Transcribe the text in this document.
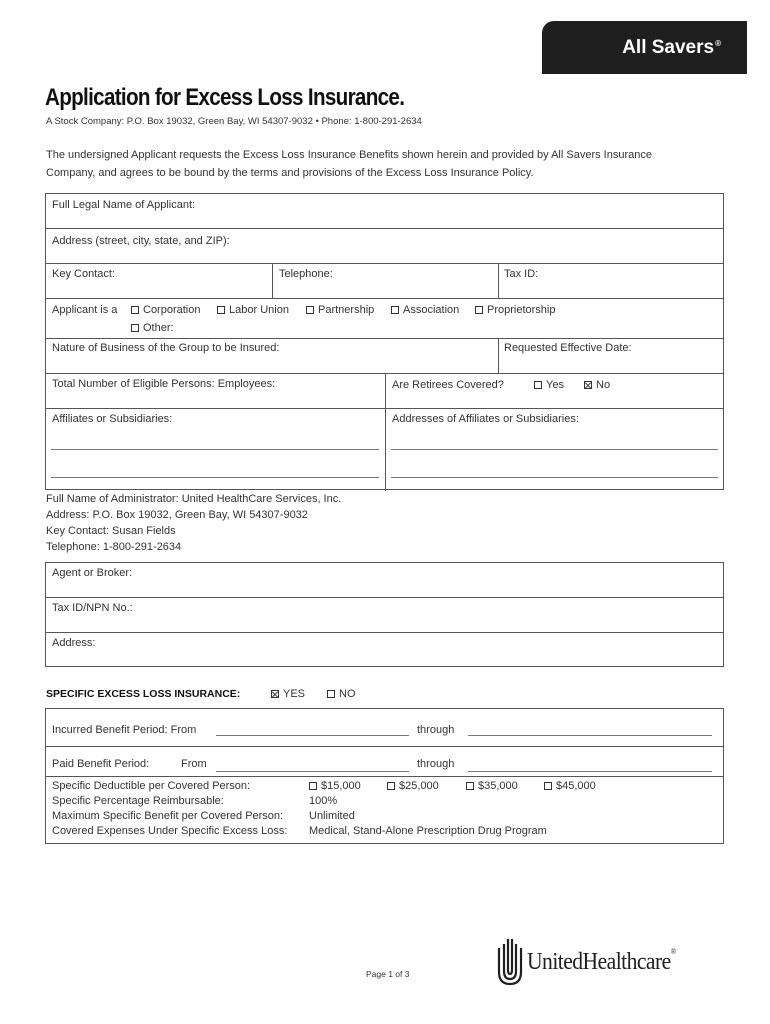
All Savers®
Application for Excess Loss Insurance.
A Stock Company: P.O. Box 19032, Green Bay, WI 54307-9032 • Phone: 1-800-291-2634
The undersigned Applicant requests the Excess Loss Insurance Benefits shown herein and provided by All Savers Insurance
Company, and agrees to be bound by the terms and provisions of the Excess Loss Insurance Policy.
Full Legal Name of Applicant:
Address (street, city, state, and ZIP):
Key Contact:	Telephone:	Tax ID:
Applicant is a	Corporation	Labor Union	Partnership	Association	Proprietorship
Other:
Nature of Business of the Group to be Insured:	Requested Effective Date:
Total Number of Eligible Persons: Employees:	Are Retirees Covered?	Yes	No
Affiliates or Subsidiaries:	Addresses of Affiliates or Subsidiaries:
Full Name of Administrator: United HealthCare Services, Inc.
Address: P.O. Box 19032, Green Bay, WI 54307-9032
Key Contact: Susan Fields
Telephone: 1-800-291-2634
Agent or Broker:
Tax ID/NPN No.:
Address:
SPECIFIC EXCESS LOSS INSURANCE:	YES	NO
Incurred Benefit Period: From	through
Paid Benefit Period:	From	through
Specific Deductible per Covered Person:	$15,000	$25,000	$35,000	$45,000
Specific Percentage Reimbursable:	100%
Maximum Specific Benefit per Covered Person: Unlimited
Covered Expenses Under Specific Excess Loss: Medical, Stand-Alone Prescription Drug Program
Page 1 of 3	UnitedHealthcare®
